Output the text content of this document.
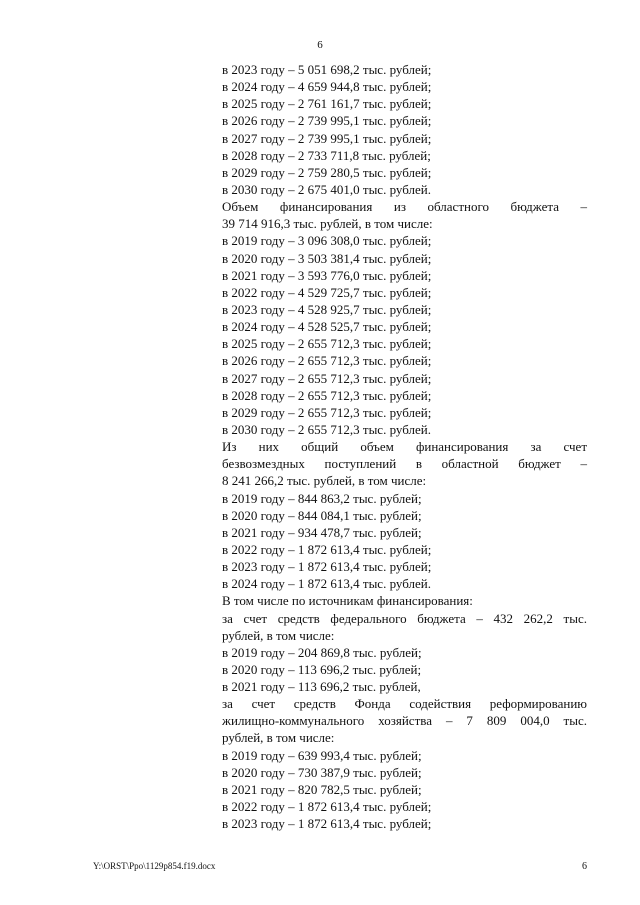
6
в 2023 году – 5 051 698,2 тыс. рублей;
в 2024 году – 4 659 944,8 тыс. рублей;
в 2025 году – 2 761 161,7 тыс. рублей;
в 2026 году – 2 739 995,1 тыс. рублей;
в 2027 году – 2 739 995,1 тыс. рублей;
в 2028 году – 2 733 711,8 тыс. рублей;
в 2029 году – 2 759 280,5 тыс. рублей;
в 2030 году – 2 675 401,0 тыс. рублей.
Объем финансирования из областного бюджета –
39 714 916,3 тыс. рублей, в том числе:
в 2019 году – 3 096 308,0 тыс. рублей;
в 2020 году – 3 503 381,4 тыс. рублей;
в 2021 году – 3 593 776,0 тыс. рублей;
в 2022 году – 4 529 725,7 тыс. рублей;
в 2023 году – 4 528 925,7 тыс. рублей;
в 2024 году – 4 528 525,7 тыс. рублей;
в 2025 году – 2 655 712,3 тыс. рублей;
в 2026 году – 2 655 712,3 тыс. рублей;
в 2027 году – 2 655 712,3 тыс. рублей;
в 2028 году – 2 655 712,3 тыс. рублей;
в 2029 году – 2 655 712,3 тыс. рублей;
в 2030 году – 2 655 712,3 тыс. рублей.
Из них общий объем финансирования за счет
безвозмездных поступлений в областной бюджет –
8 241 266,2 тыс. рублей, в том числе:
в 2019 году – 844 863,2 тыс. рублей;
в 2020 году – 844 084,1 тыс. рублей;
в 2021 году – 934 478,7 тыс. рублей;
в 2022 году – 1 872 613,4 тыс. рублей;
в 2023 году – 1 872 613,4 тыс. рублей;
в 2024 году – 1 872 613,4 тыс. рублей.
В том числе по источникам финансирования:
за счет средств федерального бюджета – 432 262,2 тыс.
рублей, в том числе:
в 2019 году – 204 869,8 тыс. рублей;
в 2020 году – 113 696,2 тыс. рублей;
в 2021 году – 113 696,2 тыс. рублей,
за счет средств Фонда содействия реформированию
жилищно-коммунального хозяйства – 7 809 004,0 тыс.
рублей, в том числе:
в 2019 году – 639 993,4 тыс. рублей;
в 2020 году – 730 387,9 тыс. рублей;
в 2021 году – 820 782,5 тыс. рублей;
в 2022 году – 1 872 613,4 тыс. рублей;
в 2023 году – 1 872 613,4 тыс. рублей;
Y:\ORST\Ppo\1129p854.f19.docx	6
